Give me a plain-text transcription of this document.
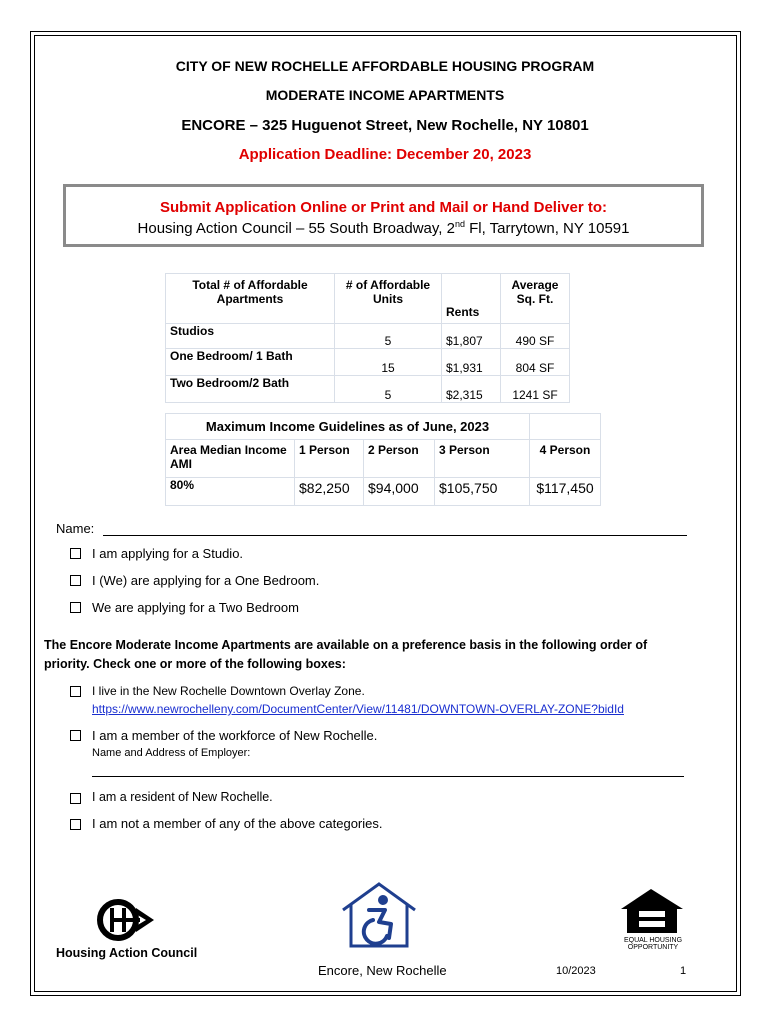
CITY OF NEW ROCHELLE AFFORDABLE HOUSING PROGRAM
MODERATE INCOME APARTMENTS
ENCORE – 325 Huguenot Street, New Rochelle, NY 10801
Application Deadline: December 20, 2023
Submit Application Online or Print and Mail or Hand Deliver to:
Housing Action Council – 55 South Broadway, 2nd Fl, Tarrytown, NY 10591
Total # of Affordable Apartments	# of Affordable Units	Rents	Average Sq. Ft.
Studios	5	$1,807	490 SF
One Bedroom/ 1 Bath	15	$1,931	804 SF
Two Bedroom/2 Bath	5	$2,315	1241 SF
Maximum Income Guidelines as of June, 2023				
Area Median Income AMI	1 Person	2 Person	3 Person	4 Person
80%	$82,250	$94,000	$105,750	$117,450
Name:
I am applying for a Studio.
I (We) are applying for a One Bedroom.
We are applying for a Two Bedroom
The Encore Moderate Income Apartments are available on a preference basis in the following order of
priority. Check one or more of the following boxes:
I live in the New Rochelle Downtown Overlay Zone.
https://www.newrochelleny.com/DocumentCenter/View/11481/DOWNTOWN-OVERLAY-ZONE?bidId
I am a member of the workforce of New Rochelle.
Name and Address of Employer:
I am a resident of New Rochelle.
I am not a member of any of the above categories.
Housing Action Council
Encore, New Rochelle
EQUAL HOUSING
OPPORTUNITY
10/2023	1
